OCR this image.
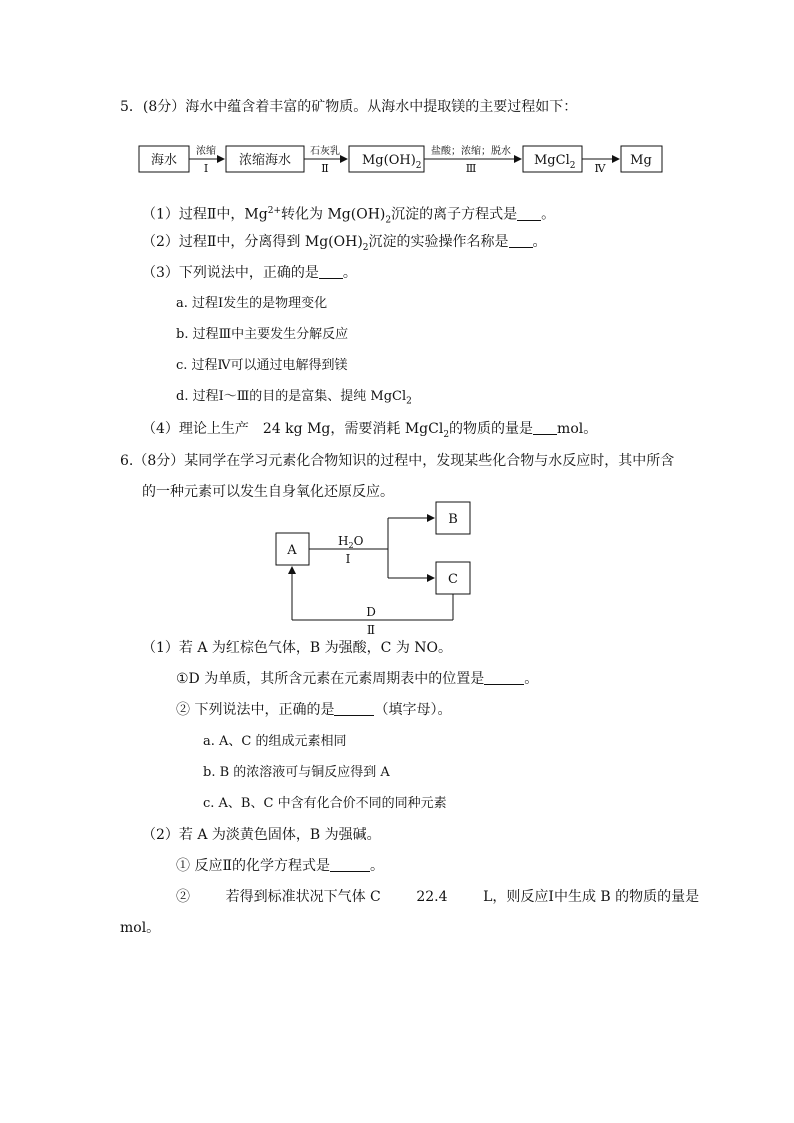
5．(8分）海水中蕴含着丰富的矿物质。从海水中提取镁的主要过程如下：
海水	浓缩海水	$Mg(OH)_2$	MgCl$_2$	Mg
浓缩
I
石灰乳
Ⅱ
盐酸；浓缩；脱水
Ⅲ	Ⅳ
（1）过程Ⅱ中，$Mg^{2+}$转化为 $Mg(OH)_2$沉淀的离子方程式是 。
（2）过程Ⅱ中，分离得到 $Mg(OH)_2$沉淀的实验操作名称是 。
（3）下列说法中，正确的是 。
a. 过程Ⅰ发生的是物理变化
b. 过程Ⅲ中主要发生分解反应
c. 过程Ⅳ可以通过电解得到镁
d. 过程Ⅰ～Ⅲ的目的是富集、提纯 MgCl$_2$
（4）理论上生产　24 kg Mg，需要消耗 MgCl$_2$的物质的量是 mol。
6.（8分）某同学在学习元素化合物知识的过程中，发现某些化合物与水反应时，其中所含
的一种元素可以发生自身氧化还原反应。
A
B
C
$H_2O$
I
D
Ⅱ
（1）若 A 为红棕色气体，B 为强酸，C 为 NO。
①D 为单质，其所含元素在元素周期表中的位置是	。
② 下列说法中，正确的是	（填字母）。
a. A、C 的组成元素相同
b. B 的浓溶液可与铜反应得到 A
c. A、B、C 中含有化合价不同的同种元素
（2）若 A 为淡黄色固体，B 为强碱。
① 反应Ⅱ的化学方程式是	。
②        若得到标准状况下气体 C        22.4        L，则反应Ⅰ中生成 B 的物质的量是
mol。
